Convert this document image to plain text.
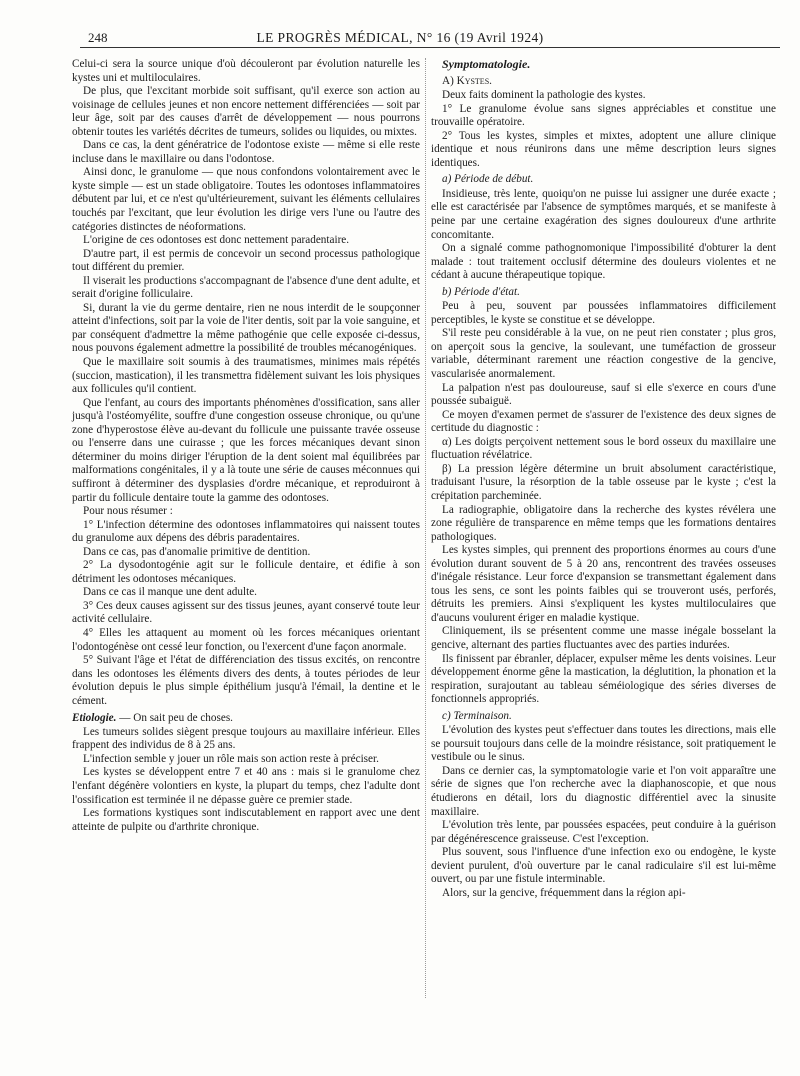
248	LE PROGRÈS MÉDICAL, N° 16 (19 Avril 1924)

Celui-ci sera la source unique d'où découleront par évolution naturelle les kystes uni et multiloculaires.

De plus, que l'excitant morbide soit suffisant, qu'il exerce son action au voisinage de cellules jeunes et non encore nettement différenciées — soit par leur âge, soit par des causes d'arrêt de développement — nous pourrons obtenir toutes les variétés décrites de tumeurs, solides ou liquides, ou mixtes.

Dans ce cas, la dent génératrice de l'odontose existe — même si elle reste incluse dans le maxillaire ou dans l'odontose.

Ainsi donc, le granulome — que nous confondons volontairement avec le kyste simple — est un stade obligatoire. Toutes les odontoses inflammatoires débutent par lui, et ce n'est qu'ultérieurement, suivant les éléments cellulaires touchés par l'excitant, que leur évolution les dirige vers l'une ou l'autre des catégories distinctes de néoformations.

L'origine de ces odontoses est donc nettement paradentaire.

D'autre part, il est permis de concevoir un second processus pathologique tout différent du premier.

Il viserait les productions s'accompagnant de l'absence d'une dent adulte, et serait d'origine folliculaire.

Si, durant la vie du germe dentaire, rien ne nous interdit de le soupçonner atteint d'infections, soit par la voie de l'iter dentis, soit par la voie sanguine, et par conséquent d'admettre la même pathogénie que celle exposée ci-dessus, nous pouvons également admettre la possibilité de troubles mécanogéniques.

Que le maxillaire soit soumis à des traumatismes, minimes mais répétés (succion, mastication), il les transmettra fidèlement suivant les lois physiques aux follicules qu'il contient.

Que l'enfant, au cours des importants phénomènes d'ossification, sans aller jusqu'à l'ostéomyélite, souffre d'une congestion osseuse chronique, ou qu'une zone d'hyperostose élève au-devant du follicule une puissante travée osseuse ou l'enserre dans une cuirasse ; que les forces mécaniques devant sinon déterminer du moins diriger l'éruption de la dent soient mal équilibrées par malformations congénitales, il y a là toute une série de causes méconnues qui suffiront à déterminer des dysplasies d'ordre mécanique, et reproduiront à partir du follicule dentaire toute la gamme des odontoses.

Pour nous résumer :

1° L'infection détermine des odontoses inflammatoires qui naissent toutes du granulome aux dépens des débris paradentaires.

Dans ce cas, pas d'anomalie primitive de dentition.

2° La dysodontogénie agit sur le follicule dentaire, et édifie à son détriment les odontoses mécaniques.

Dans ce cas il manque une dent adulte.

3° Ces deux causes agissent sur des tissus jeunes, ayant conservé toute leur activité cellulaire.

4° Elles les attaquent au moment où les forces mécaniques orientant l'odontogénèse ont cessé leur fonction, ou l'exercent d'une façon anormale.

5° Suivant l'âge et l'état de différenciation des tissus excités, on rencontre dans les odontoses les éléments divers des dents, à toutes périodes de leur évolution depuis le plus simple épithélium jusqu'à l'émail, la dentine et le cément.

Etiologie. — On sait peu de choses.

Les tumeurs solides siègent presque toujours au maxillaire inférieur. Elles frappent des individus de 8 à 25 ans.

L'infection semble y jouer un rôle mais son action reste à préciser.

Les kystes se développent entre 7 et 40 ans : mais si le granulome chez l'enfant dégénère volontiers en kyste, la plupart du temps, chez l'adulte dont l'ossification est terminée il ne dépasse guère ce premier stade.

Les formations kystiques sont indiscutablement en rapport avec une dent atteinte de pulpite ou d'arthrite chronique.

Symptomatologie.

A) Kystes.

Deux faits dominent la pathologie des kystes.

1° Le granulome évolue sans signes appréciables et constitue une trouvaille opératoire.

2° Tous les kystes, simples et mixtes, adoptent une allure clinique identique et nous réunirons dans une même description leurs signes identiques.

a) Période de début.

Insidieuse, très lente, quoiqu'on ne puisse lui assigner une durée exacte ; elle est caractérisée par l'absence de symptômes marqués, et se manifeste à peine par une certaine exagération des signes douloureux d'une arthrite concomitante.

On a signalé comme pathognomonique l'impossibilité d'obturer la dent malade : tout traitement occlusif détermine des douleurs violentes et ne cédant à aucune thérapeutique topique.

b) Période d'état.

Peu à peu, souvent par poussées inflammatoires difficilement perceptibles, le kyste se constitue et se développe.

S'il reste peu considérable à la vue, on ne peut rien constater ; plus gros, on aperçoit sous la gencive, la soulevant, une tuméfaction de grosseur variable, déterminant rarement une réaction congestive de la gencive, vascularisée anormalement.

La palpation n'est pas douloureuse, sauf si elle s'exerce en cours d'une poussée subaiguë.

Ce moyen d'examen permet de s'assurer de l'existence des deux signes de certitude du diagnostic :

α) Les doigts perçoivent nettement sous le bord osseux du maxillaire une fluctuation révélatrice.

β) La pression légère détermine un bruit absolument caractéristique, traduisant l'usure, la résorption de la table osseuse par le kyste ; c'est la crépitation parcheminée.

La radiographie, obligatoire dans la recherche des kystes révélera une zone régulière de transparence en même temps que les formations dentaires pathologiques.

Les kystes simples, qui prennent des proportions énormes au cours d'une évolution durant souvent de 5 à 20 ans, rencontrent des travées osseuses d'inégale résistance. Leur force d'expansion se transmettant également dans tous les sens, ce sont les points faibles qui se trouveront usés, perforés, détruits les premiers. Ainsi s'expliquent les kystes multiloculaires que d'aucuns voulurent ériger en maladie kystique.

Cliniquement, ils se présentent comme une masse inégale bosselant la gencive, alternant des parties fluctuantes avec des parties indurées.

Ils finissent par ébranler, déplacer, expulser même les dents voisines. Leur développement énorme gêne la mastication, la déglutition, la phonation et la respiration, surajoutant au tableau séméiologique des séries diverses de fonctionnels appropriés.

c) Terminaison.

L'évolution des kystes peut s'effectuer dans toutes les directions, mais elle se poursuit toujours dans celle de la moindre résistance, soit pratiquement le vestibule ou le sinus.

Dans ce dernier cas, la symptomatologie varie et l'on voit apparaître une série de signes que l'on recherche avec la diaphanoscopie, et que nous étudierons en détail, lors du diagnostic différentiel avec la sinusite maxillaire.

L'évolution très lente, par poussées espacées, peut conduire à la guérison par dégénérescence graisseuse. C'est l'exception.

Plus souvent, sous l'influence d'une infection exo ou endogène, le kyste devient purulent, d'où ouverture par le canal radiculaire s'il est lui-même ouvert, ou par une fistule interminable.

Alors, sur la gencive, fréquemment dans la région api-
